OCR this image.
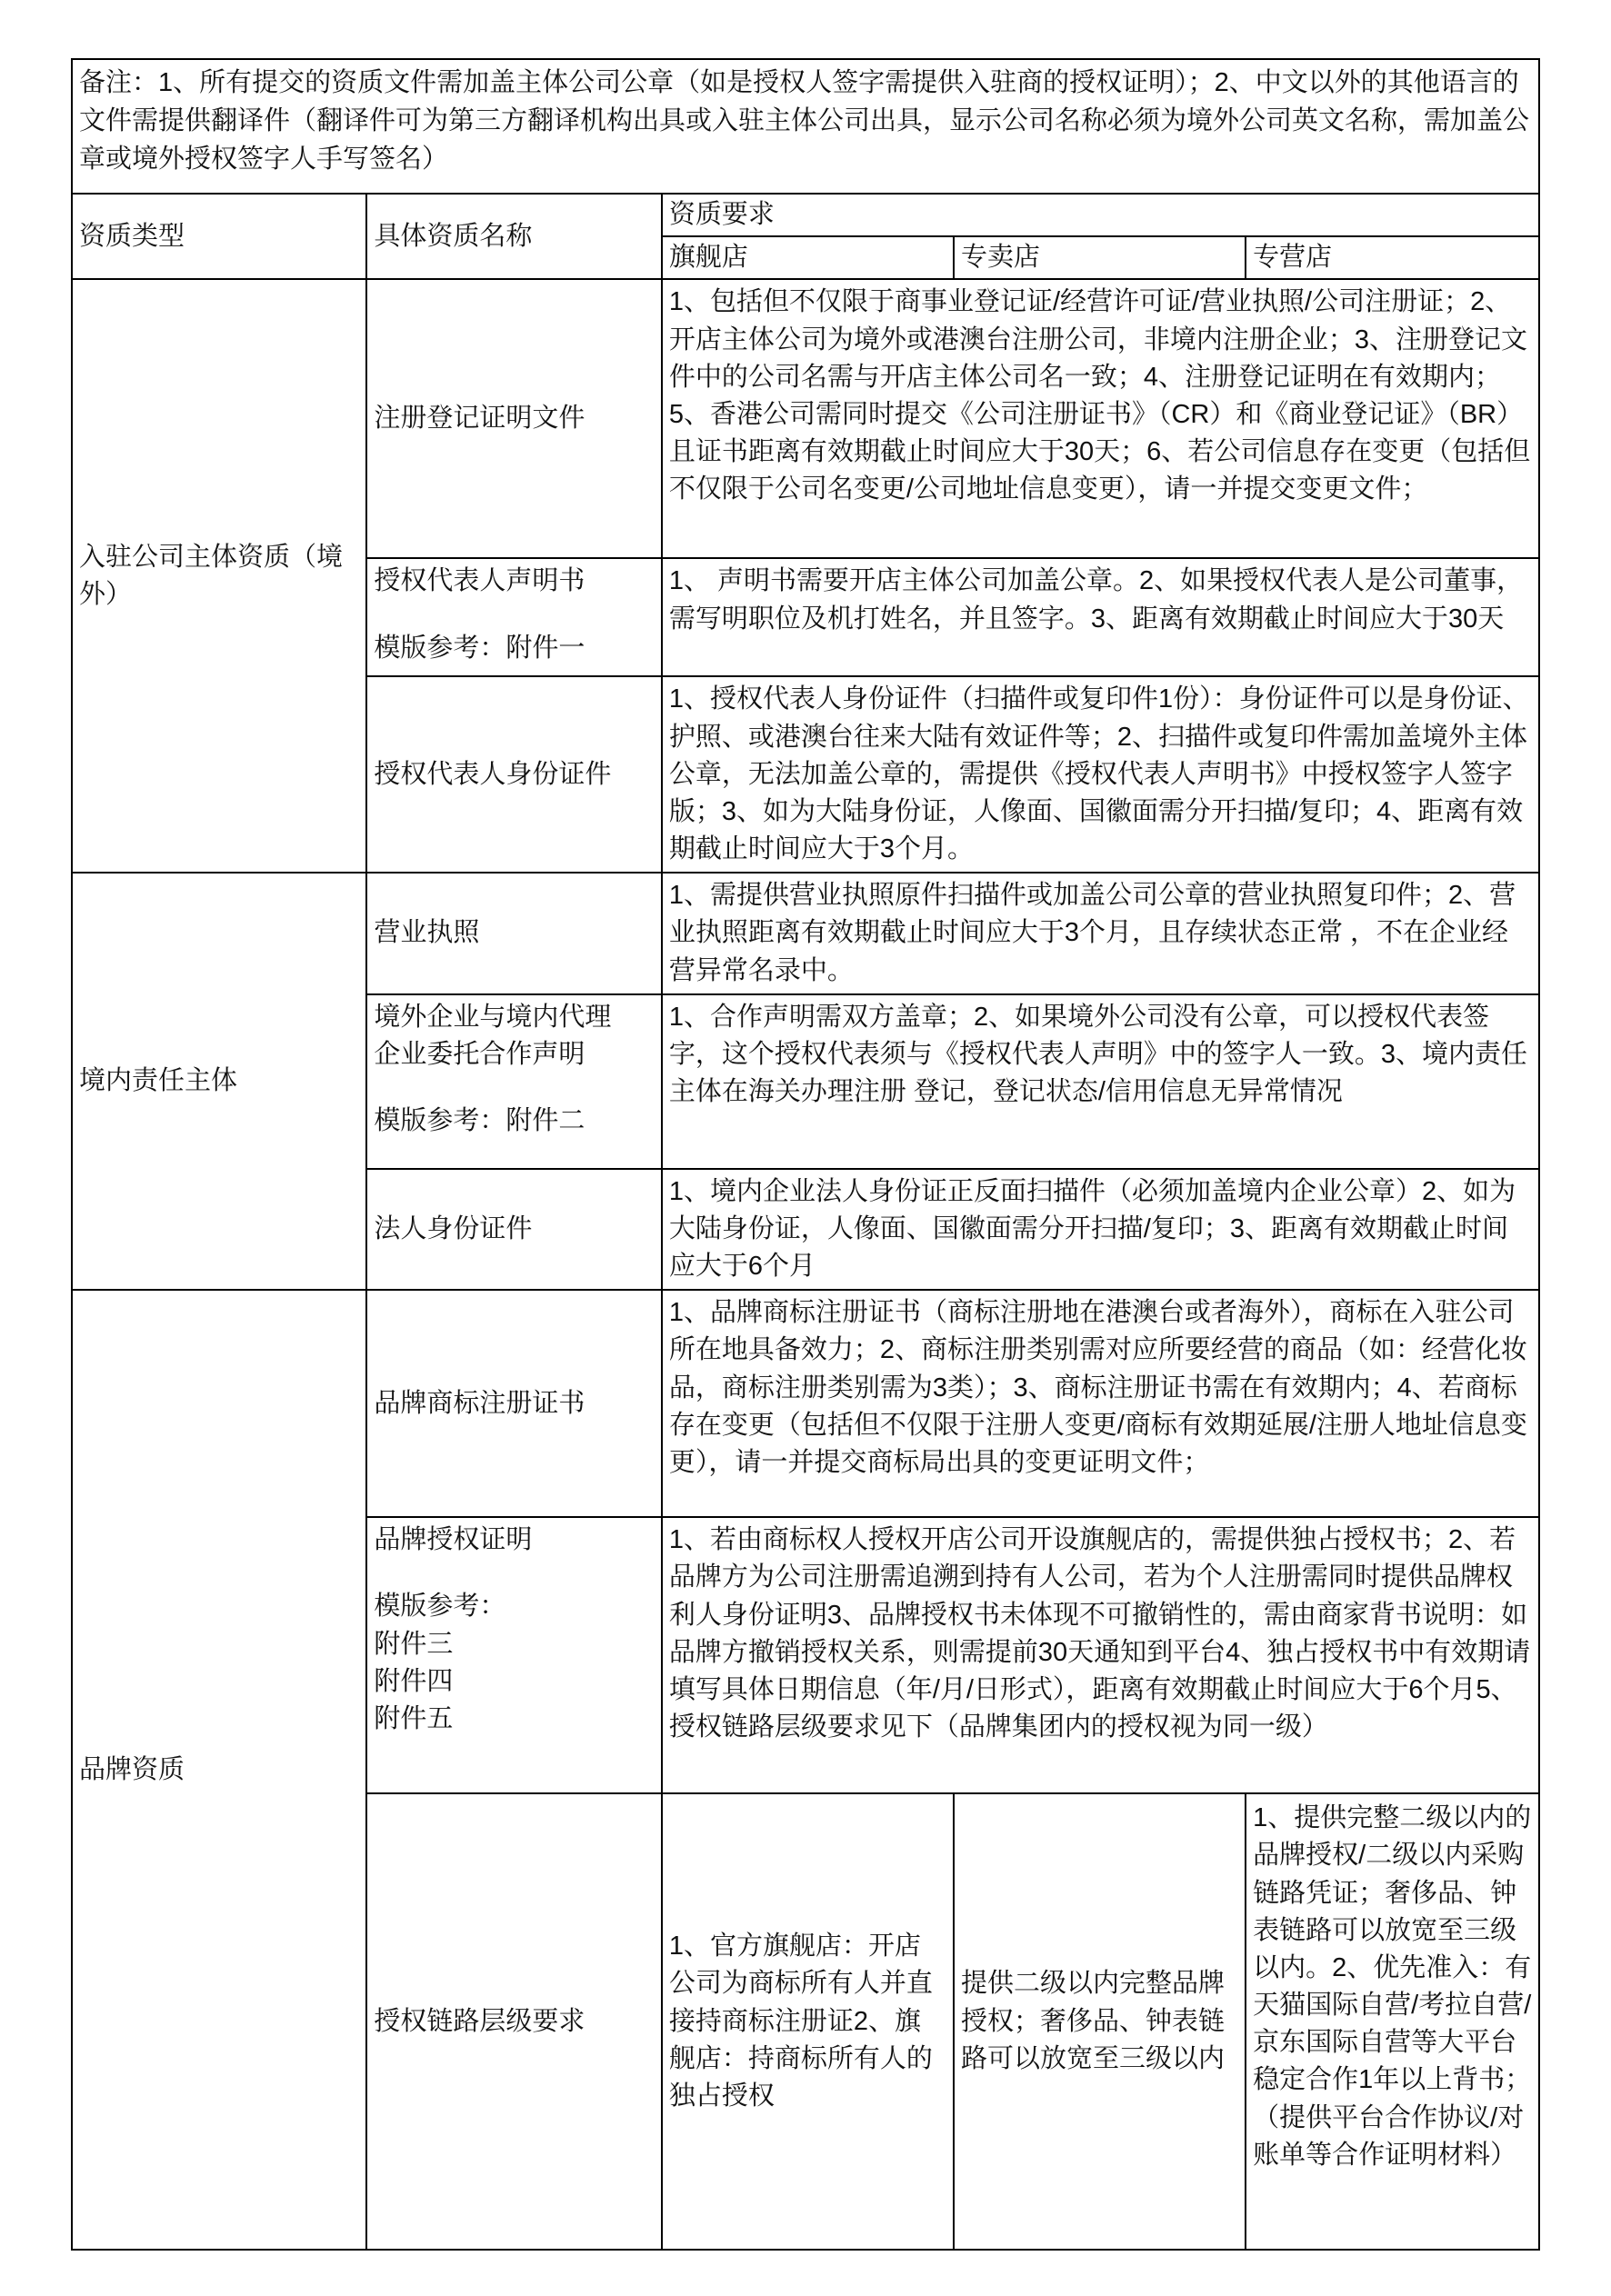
备注：1、所有提交的资质文件需加盖主体公司公章（如是授权人签字需提供入驻商的授权证明）；2、中文以外的其他语言的文件需提供翻译件（翻译件可为第三方翻译机构出具或入驻主体公司出具，显示公司名称必须为境外公司英文名称，需加盖公章或境外授权签字人手写签名）				
资质类型	具体资质名称	资质要求		
		旗舰店	专卖店	专营店
入驻公司主体资质（境外）	注册登记证明文件	1、包括但不仅限于商事业登记证/经营许可证/营业执照/公司注册证；2、开店主体公司为境外或港澳台注册公司，非境内注册企业；3、注册登记文件中的公司名需与开店主体公司名一致；4、注册登记证明在有效期内；5、香港公司需同时提交《公司注册证书》（CR）和《商业登记证》（BR）且证书距离有效期截止时间应大于30天；6、若公司信息存在变更（包括但不仅限于公司名变更/公司地址信息变更），请一并提交变更文件；		

	授权代表人声明书
模版参考：附件一	1、 声明书需要开店主体公司加盖公章。2、如果授权代表人是公司董事，需写明职位及机打姓名，并且签字。3、距离有效期截止时间应大于30天		
	授权代表人身份证件	1、授权代表人身份证件（扫描件或复印件1份）：身份证件可以是身份证、护照、或港澳台往来大陆有效证件等；2、扫描件或复印件需加盖境外主体公章，无法加盖公章的，需提供《授权代表人声明书》中授权签字人签字版；3、如为大陆身份证，人像面、国徽面需分开扫描/复印；4、距离有效期截止时间应大于3个月。		
境内责任主体	营业执照	1、需提供营业执照原件扫描件或加盖公司公章的营业执照复印件；2、营业执照距离有效期截止时间应大于3个月，且存续状态正常 ，不在企业经营异常名录中。		

	境外企业与境内代理
企业委托合作声明
模版参考：附件二	1、合作声明需双方盖章；2、如果境外公司没有公章，可以授权代表签字，这个授权代表须与《授权代表人声明》中的签字人一致。3、境内责任主体在海关办理注册 登记，登记状态/信用信息无异常情况		
	法人身份证件	1、境内企业法人身份证正反面扫描件（必须加盖境内企业公章）2、如为大陆身份证，人像面、国徽面需分开扫描/复印；3、距离有效期截止时间应大于6个月		
品牌资质	品牌商标注册证书	1、品牌商标注册证书（商标注册地在港澳台或者海外），商标在入驻公司所在地具备效力；2、商标注册类别需对应所要经营的商品（如：经营化妆品，商标注册类别需为3类）；3、商标注册证书需在有效期内；4、若商标存在变更（包括但不仅限于注册人变更/商标有效期延展/注册人地址信息变更），请一并提交商标局出具的变更证明文件；		

	品牌授权证明
模版参考：
附件三
附件四
附件五	1、若由商标权人授权开店公司开设旗舰店的，需提供独占授权书；2、若品牌方为公司注册需追溯到持有人公司，若为个人注册需同时提供品牌权利人身份证明3、品牌授权书未体现不可撤销性的，需由商家背书说明：如品牌方撤销授权关系，则需提前30天通知到平台4、独占授权书中有效期请填写具体日期信息（年/月/日形式），距离有效期截止时间应大于6个月5、授权链路层级要求见下（品牌集团内的授权视为同一级）		
	授权链路层级要求	1、官方旗舰店：开店公司为商标所有人并直接持商标注册证2、旗舰店：持商标所有人的独占授权	提供二级以内完整品牌授权；奢侈品、钟表链路可以放宽至三级以内	1、提供完整二级以内的品牌授权/二级以内采购链路凭证；奢侈品、钟表链路可以放宽至三级以内。2、优先准入：有天猫国际自营/考拉自营/京东国际自营等大平台稳定合作1年以上背书；（提供平台合作协议/对账单等合作证明材料）
